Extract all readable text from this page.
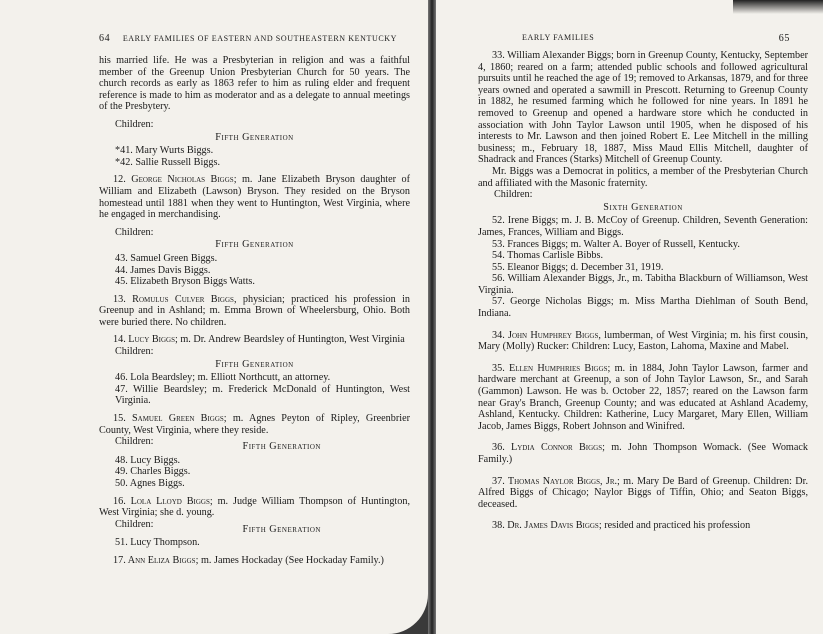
64 EARLY FAMILIES OF EASTERN AND SOUTHEASTERN KENTUCKY

his married life. He was a Presbyterian in religion and was a faithful member of the Greenup Union Presbyterian Church for 50 years. The church records as early as 1863 refer to him as ruling elder and frequent reference is made to him as moderator and as a delegate to annual meetings of the Presbytery.

Children:
Fifth Generation
*41. Mary Wurts Biggs.
*42. Sallie Russell Biggs.

12. George Nicholas Biggs; m. Jane Elizabeth Bryson daughter of William and Elizabeth (Lawson) Bryson. They resided on the Bryson homestead until 1881 when they went to Huntington, West Virginia, where he engaged in merchandising.

Children:
Fifth Generation
43. Samuel Green Biggs.
44. James Davis Biggs.
45. Elizabeth Bryson Biggs Watts.

13. Romulus Culver Biggs, physician; practiced his profession in Greenup and in Ashland; m. Emma Brown of Wheelersburg, Ohio. Both were buried there. No children.

14. Lucy Biggs; m. Dr. Andrew Beardsley of Huntington, West Virginia

Children:
Fifth Generation
46. Lola Beardsley; m. Elliott Northcutt, an attorney.
47. Willie Beardsley; m. Frederick McDonald of Huntington, West Virginia.

15. Samuel Green Biggs; m. Agnes Peyton of Ripley, Greenbrier County, West Virginia, where they reside.

Children:	Fifth Generation
48. Lucy Biggs.
49. Charles Biggs.
50. Agnes Biggs.

16. Lola Lloyd Biggs; m. Judge William Thompson of Huntington, West Virginia; she d. young.

Children:	Fifth Generation
51. Lucy Thompson.

17. Ann Eliza Biggs; m. James Hockaday (See Hockaday Family.)

EARLY FAMILIES	65

33. William Alexander Biggs; born in Greenup County, Kentucky, September 4, 1860; reared on a farm; attended public schools and followed agricultural pursuits until he reached the age of 19; removed to Arkansas, 1879, and for three years owned and operated a sawmill in Prescott. Returning to Greenup County in 1882, he resumed farming which he followed for nine years. In 1891 he removed to Greenup and opened a hardware store which he conducted in association with John Taylor Lawson until 1905, when he disposed of his interests to Mr. Lawson and then joined Robert E. Lee Mitchell in the milling business; m., February 18, 1887, Miss Maud Ellis Mitchell, daughter of Shadrack and Frances (Starks) Mitchell of Greenup County.

Mr. Biggs was a Democrat in politics, a member of the Presbyterian Church and affiliated with the Masonic fraternity.

Children:
Sixth Generation

52. Irene Biggs; m. J. B. McCoy of Greenup. Children, Seventh Generation: James, Frances, William and Biggs.

53. Frances Biggs; m. Walter A. Boyer of Russell, Kentucky.

54. Thomas Carlisle Bibbs.

55. Eleanor Biggs; d. December 31, 1919.

56. William Alexander Biggs, Jr., m. Tabitha Blackburn of Williamson, West Virginia.

57. George Nicholas Biggs; m. Miss Martha Diehlman of South Bend, Indiana.

34. John Humphrey Biggs, lumberman, of West Virginia; m. his first cousin, Mary (Molly) Rucker: Children: Lucy, Easton, Lahoma, Maxine and Mabel.

35. Ellen Humphries Biggs; m. in 1884, John Taylor Lawson, farmer and hardware merchant at Greenup, a son of John Taylor Lawson, Sr., and Sarah (Gammon) Lawson. He was b. October 22, 1857; reared on the Lawson farm near Gray's Branch, Greenup County; and was educated at Ashland Academy, Ashland, Kentucky. Children: Katherine, Lucy Margaret, Mary Ellen, William Jacob, James Biggs, Robert Johnson and Winifred.

36. Lydia Connor Biggs; m. John Thompson Womack. (See Womack Family.)

37. Thomas Naylor Biggs, Jr.; m. Mary De Bard of Greenup. Children: Dr. Alfred Biggs of Chicago; Naylor Biggs of Tiffin, Ohio; and Seaton Biggs, deceased.

38. Dr. James Davis Biggs; resided and practiced his profession
